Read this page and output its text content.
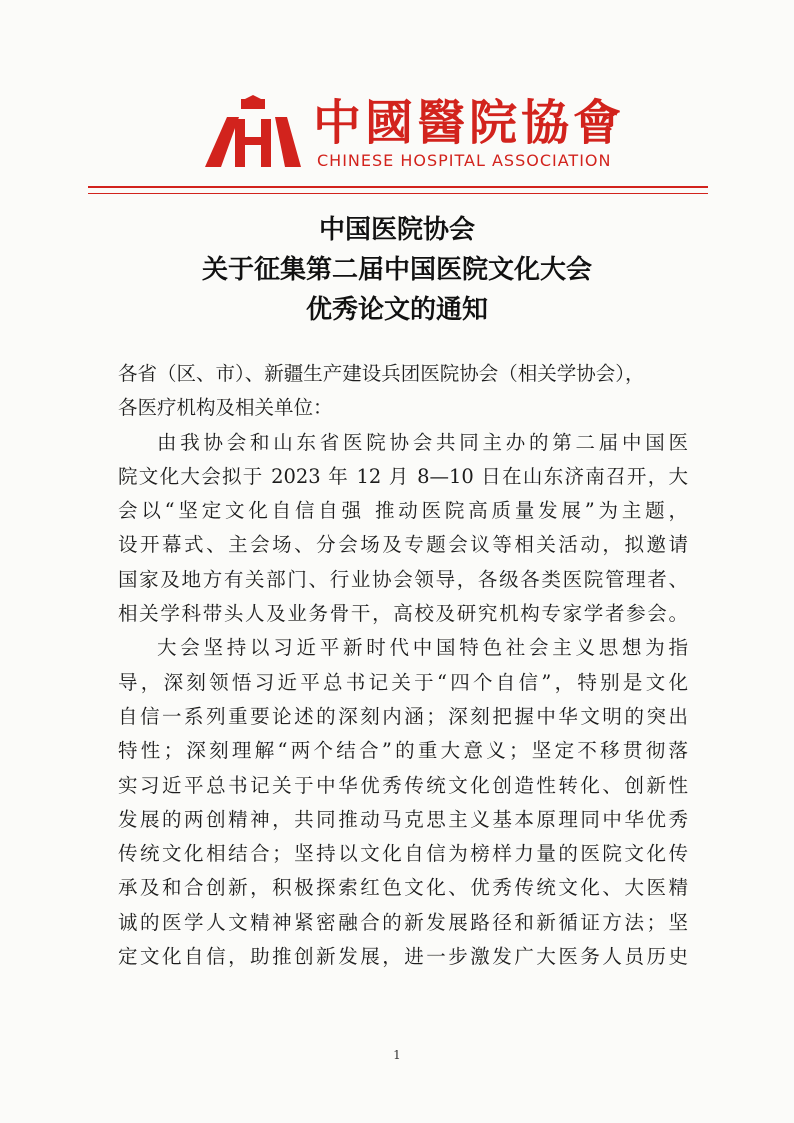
中國醫院協會
CHINESE HOSPITAL ASSOCIATION
中国医院协会
关于征集第二届中国医院文化大会
优秀论文的通知

各省（区、市）、新疆生产建设兵团医院协会（相关学协会），

各医疗机构及相关单位：

由我协会和山东省医院协会共同主办的第二届中国医

院文化大会拟于 2023 年 12 月 8—10 日在山东济南召开，大

会以“坚定文化自信自强 推动医院高质量发展”为主题，

设开幕式、主会场、分会场及专题会议等相关活动，拟邀请

国家及地方有关部门、行业协会领导，各级各类医院管理者、

相关学科带头人及业务骨干，高校及研究机构专家学者参会。

大会坚持以习近平新时代中国特色社会主义思想为指

导，深刻领悟习近平总书记关于“四个自信”，特别是文化

自信一系列重要论述的深刻内涵；深刻把握中华文明的突出

特性；深刻理解“两个结合”的重大意义；坚定不移贯彻落

实习近平总书记关于中华优秀传统文化创造性转化、创新性

发展的两创精神，共同推动马克思主义基本原理同中华优秀

传统文化相结合；坚持以文化自信为榜样力量的医院文化传

承及和合创新，积极探索红色文化、优秀传统文化、大医精

诚的医学人文精神紧密融合的新发展路径和新循证方法；坚

定文化自信，助推创新发展，进一步激发广大医务人员历史

1
